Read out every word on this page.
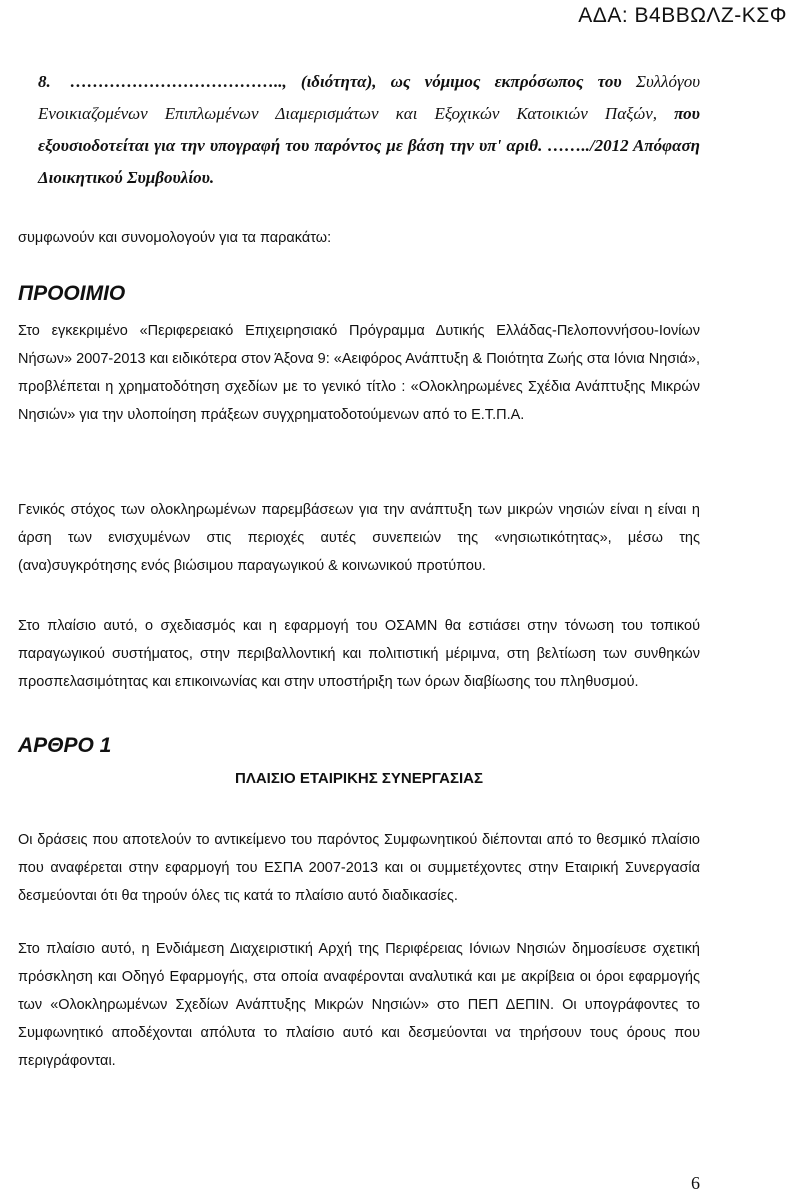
ΑΔΑ: Β4ΒΒΩΛΖ-ΚΣΦ
8. ……………………………….., (ιδιότητα), ως νόμιμος εκπρόσωπος του Συλλόγου Ενοικιαζομένων Επιπλωμένων Διαμερισμάτων και Εξοχικών Κατοικιών Παξών, που εξουσιοδοτείται για την υπογραφή του παρόντος με βάση την υπ' αριθ. ……../2012 Απόφαση Διοικητικού Συμβουλίου.

συμφωνούν και συνομολογούν για τα παρακάτω:

ΠΡΟΟΙΜΙΟ

Στο εγκεκριμένο «Περιφερειακό Επιχειρησιακό Πρόγραμμα Δυτικής Ελλάδας-Πελοποννήσου-Ιονίων Νήσων» 2007-2013 και ειδικότερα στον Άξονα 9: «Αειφόρος Ανάπτυξη & Ποιότητα Ζωής στα Ιόνια Νησιά», προβλέπεται η χρηματοδότηση σχεδίων με το γενικό τίτλο : «Ολοκληρωμένες Σχέδια Ανάπτυξης Μικρών Νησιών» για την υλοποίηση πράξεων συγχρηματοδοτούμενων από το Ε.Τ.Π.Α.

Γενικός στόχος των ολοκληρωμένων παρεμβάσεων για την ανάπτυξη των μικρών νησιών είναι η είναι η άρση των ενισχυμένων στις περιοχές αυτές συνεπειών της «νησιωτικότητας», μέσω της (ανα)συγκρότησης ενός βιώσιμου παραγωγικού & κοινωνικού προτύπου.

Στο πλαίσιο αυτό, ο σχεδιασμός και η εφαρμογή του ΟΣΑΜΝ θα εστιάσει στην τόνωση του τοπικού παραγωγικού συστήματος, στην περιβαλλοντική και πολιτιστική μέριμνα, στη βελτίωση των συνθηκών προσπελασιμότητας και επικοινωνίας και στην υποστήριξη των όρων διαβίωσης του πληθυσμού.

ΑΡΘΡΟ 1

ΠΛΑΙΣΙΟ ΕΤΑΙΡΙΚΗΣ ΣΥΝΕΡΓΑΣΙΑΣ

Οι δράσεις που αποτελούν το αντικείμενο του παρόντος Συμφωνητικού διέπονται από το θεσμικό πλαίσιο που αναφέρεται στην εφαρμογή του ΕΣΠΑ 2007-2013 και οι συμμετέχοντες στην Εταιρική Συνεργασία δεσμεύονται ότι θα τηρούν όλες τις κατά το πλαίσιο αυτό διαδικασίες.

Στο πλαίσιο αυτό, η Ενδιάμεση Διαχειριστική Αρχή της Περιφέρειας Ιόνιων Νησιών δημοσίευσε σχετική πρόσκληση και Οδηγό Εφαρμογής, στα οποία αναφέρονται αναλυτικά και με ακρίβεια οι όροι εφαρμογής των «Ολοκληρωμένων Σχεδίων Ανάπτυξης Μικρών Νησιών» στο ΠΕΠ ΔΕΠΙΝ. Οι υπογράφοντες το Συμφωνητικό αποδέχονται απόλυτα το πλαίσιο αυτό και δεσμεύονται να τηρήσουν τους όρους που περιγράφονται.

6
